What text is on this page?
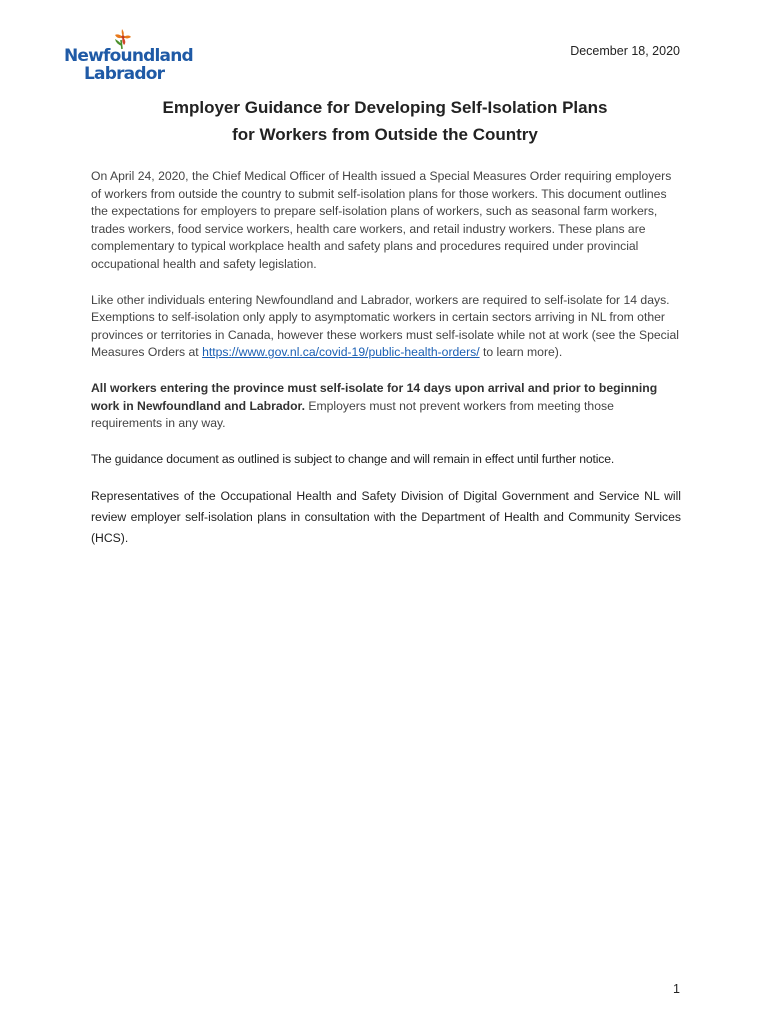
Newfoundland
Labrador
December 18, 2020
Employer Guidance for Developing Self-Isolation Plans
for Workers from Outside the Country

On April 24, 2020, the Chief Medical Officer of Health issued a Special Measures Order requiring employers of workers from outside the country to submit self-isolation plans for those workers. This document outlines the expectations for employers to prepare self-isolation plans of workers, such as seasonal farm workers, trades workers, food service workers, health care workers, and retail industry workers. These plans are complementary to typical workplace health and safety plans and procedures required under provincial occupational health and safety legislation.

Like other individuals entering Newfoundland and Labrador, workers are required to self-isolate for 14 days. Exemptions to self-isolation only apply to asymptomatic workers in certain sectors arriving in NL from other provinces or territories in Canada, however these workers must self-isolate while not at work (see the Special Measures Orders at https://www.gov.nl.ca/covid-19/public-health-orders/ to learn more).

All workers entering the province must self-isolate for 14 days upon arrival and prior to beginning work in Newfoundland and Labrador. Employers must not prevent workers from meeting those requirements in any way.

The guidance document as outlined is subject to change and will remain in effect until further notice.

Representatives of the Occupational Health and Safety Division of Digital Government and Service NL will review employer self-isolation plans in consultation with the Department of Health and Community Services (HCS).

1
